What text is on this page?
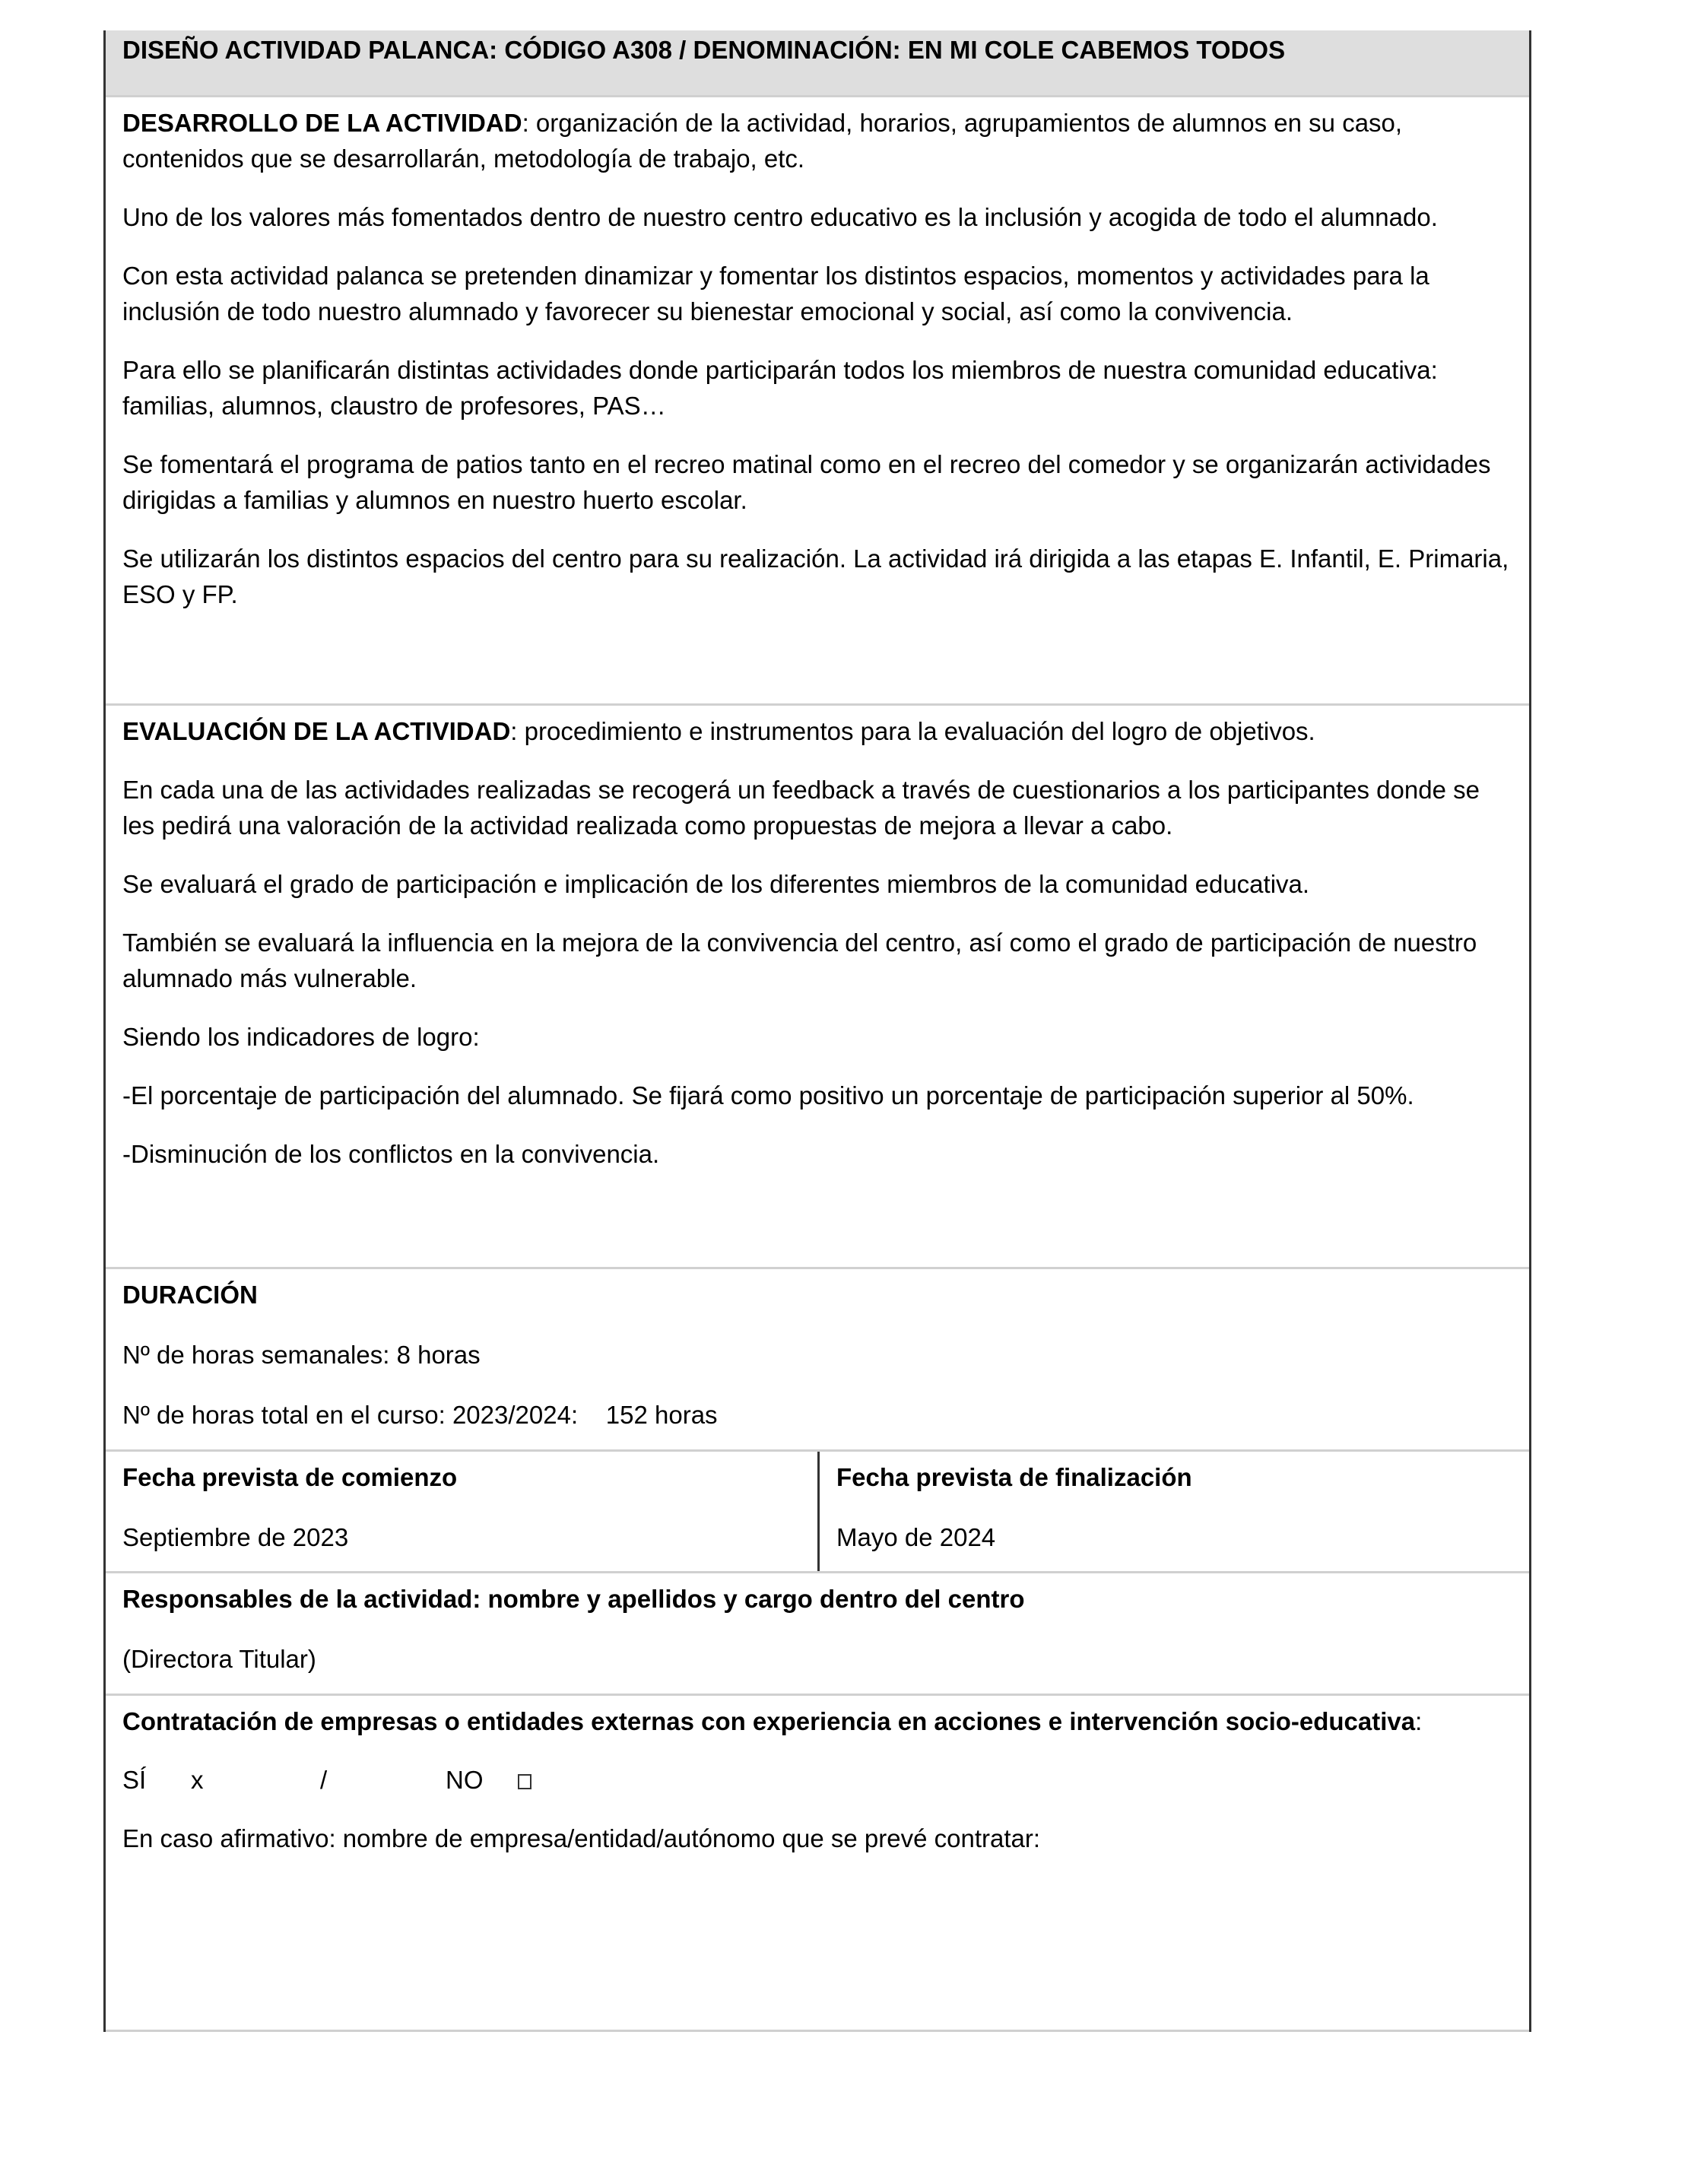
DISEÑO ACTIVIDAD PALANCA: CÓDIGO A308 / DENOMINACIÓN: EN MI COLE CABEMOS TODOS

DESARROLLO DE LA ACTIVIDAD: organización de la actividad, horarios, agrupamientos de alumnos en su caso, contenidos que se desarrollarán, metodología de trabajo, etc.

Uno de los valores más fomentados dentro de nuestro centro educativo es la inclusión y acogida de todo el alumnado.

Con esta actividad palanca se pretenden dinamizar y fomentar los distintos espacios, momentos y actividades para la inclusión de todo nuestro alumnado y favorecer su bienestar emocional y social, así como la convivencia.

Para ello se planificarán distintas actividades donde participarán todos los miembros de nuestra comunidad educativa: familias, alumnos, claustro de profesores, PAS…

Se fomentará el programa de patios tanto en el recreo matinal como en el recreo del comedor y se organizarán actividades dirigidas a familias y alumnos en nuestro huerto escolar.

Se utilizarán los distintos espacios del centro para su realización. La actividad irá dirigida a las etapas E. Infantil, E. Primaria, ESO y FP.

EVALUACIÓN DE LA ACTIVIDAD: procedimiento e instrumentos para la evaluación del logro de objetivos.

En cada una de las actividades realizadas se recogerá un feedback a través de cuestionarios a los participantes donde se les pedirá una valoración de la actividad realizada como propuestas de mejora a llevar a cabo.

Se evaluará el grado de participación e implicación de los diferentes miembros de la comunidad educativa.

También se evaluará la influencia en la mejora de la convivencia del centro, así como el grado de participación de nuestro alumnado más vulnerable.

Siendo los indicadores de logro:

-El porcentaje de participación del alumnado. Se fijará como positivo un porcentaje de participación superior al 50%.

-Disminución de los conflictos en la convivencia.

DURACIÓN

Nº de horas semanales: 8 horas

Nº de horas total en el curso: 2023/2024:    152 horas

Fecha prevista de comienzo

Septiembre de 2023

Fecha prevista de finalización

Mayo de 2024

Responsables de la actividad: nombre y apellidos y cargo dentro del centro

(Directora Titular)

Contratación de empresas o entidades externas con experiencia en acciones e intervención socio-educativa:

SÍ x	/	NO

En caso afirmativo: nombre de empresa/entidad/autónomo que se prevé contratar:
